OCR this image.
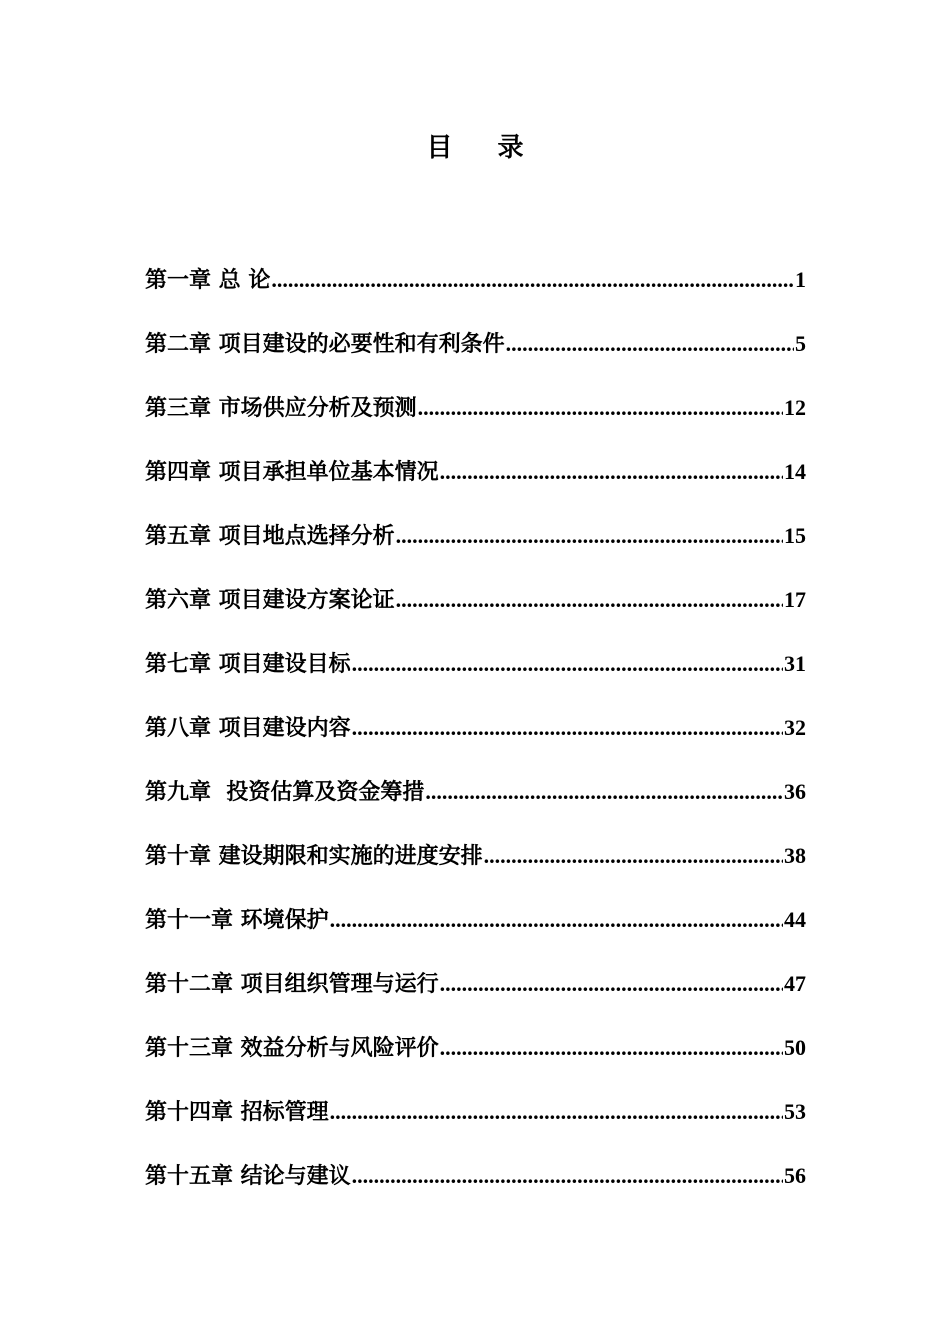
目 录
第一章 总 论 .....	1
第二章 项目建设的必要性和有利条件 .....	5
第三章 市场供应分析及预测 .....	12
第四章 项目承担单位基本情况 .....	14
第五章 项目地点选择分析 .....	15
第六章 项目建设方案论证 .....	17
第七章 项目建设目标 .....	31
第八章 项目建设内容 .....	32
第九章  投资估算及资金筹措 .....	36
第十章 建设期限和实施的进度安排 .....	38
第十一章 环境保护 .....	44
第十二章 项目组织管理与运行 .....	47
第十三章 效益分析与风险评价 .....	50
第十四章 招标管理 .....	53
第十五章 结论与建议 .....	56
